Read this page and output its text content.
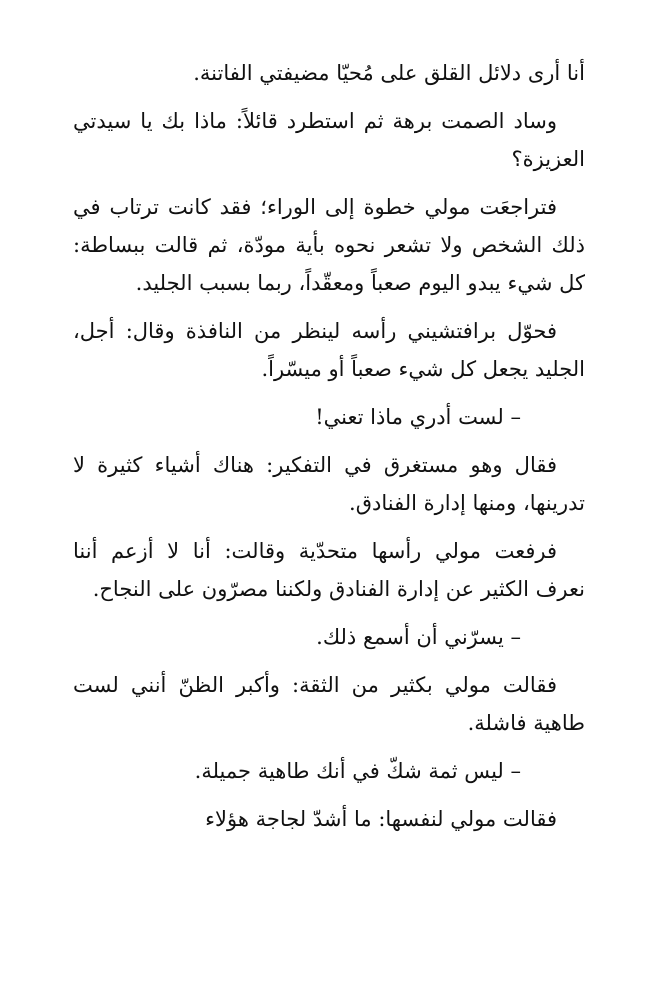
أنا أرى دلائل القلق على مُحيّا مضيفتي الفاتنة.

وساد الصمت برهة ثم استطرد قائلاً: ماذا بك يا سيدتي العزيزة؟

فتراجعَت مولي خطوة إلى الوراء؛ فقد كانت ترتاب في ذلك الشخص ولا تشعر نحوه بأية مودّة، ثم قالت ببساطة: كل شيء يبدو اليوم صعباً ومعقّداً، ربما بسبب الجليد.

فحوّل برافتشيني رأسه لينظر من النافذة وقال: أجل، الجليد يجعل كل شيء صعباً أو ميسّراً.

– لست أدري ماذا تعني!

فقال وهو مستغرق في التفكير: هناك أشياء كثيرة لا تدرينها، ومنها إدارة الفنادق.

فرفعت مولي رأسها متحدّية وقالت: أنا لا أزعم أننا نعرف الكثير عن إدارة الفنادق ولكننا مصرّون على النجاح.

– يسرّني أن أسمع ذلك.

فقالت مولي بكثير من الثقة: وأكبر الظنّ أنني لست طاهية فاشلة.

– ليس ثمة شكّ في أنك طاهية جميلة.

فقالت مولي لنفسها: ما أشدّ لجاجة هؤلاء
